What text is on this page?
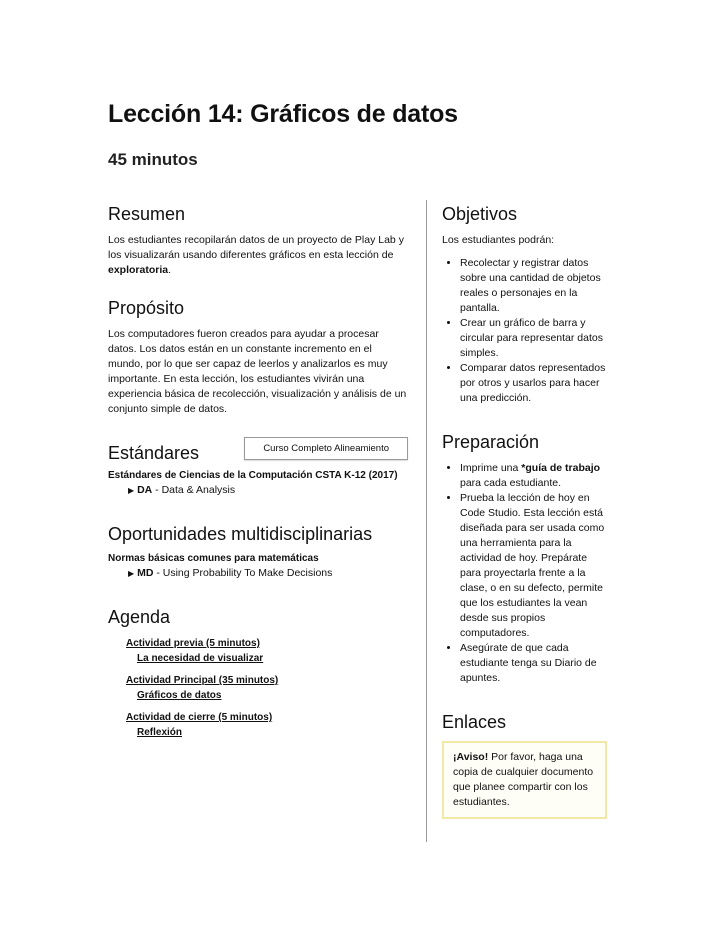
Lección 14: Gráficos de datos
45 minutos
Resumen

Los estudiantes recopilarán datos de un proyecto de Play Lab y los visualizarán usando diferentes gráficos en esta lección de exploratoria.

Propósito

Los computadores fueron creados para ayudar a procesar datos. Los datos están en un constante incremento en el mundo, por lo que ser capaz de leerlos y analizarlos es muy importante. En esta lección, los estudiantes vivirán una experiencia básica de recolección, visualización y análisis de un conjunto simple de datos.

Estándares	Curso Completo Alineamiento
Estándares de Ciencias de la Computación CSTA K-12 (2017)
▶ DA - Data & Analysis
Oportunidades multidisciplinarias
Normas básicas comunes para matemáticas
▶ MD - Using Probability To Make Decisions
Agenda
Actividad previa (5 minutos)
La necesidad de visualizar
Actividad Principal (35 minutos)
Gráficos de datos
Actividad de cierre (5 minutos)
Reflexión
Objetivos

Los estudiantes podrán:

• Recolectar y registrar datos sobre una cantidad de objetos reales o personajes en la pantalla.
• Crear un gráfico de barra y circular para representar datos simples.
• Comparar datos representados por otros y usarlos para hacer una predicción.
Preparación
• Imprime una *guía de trabajo para cada estudiante.
• Prueba la lección de hoy en Code Studio. Esta lección está diseñada para ser usada como una herramienta para la actividad de hoy. Prepárate para proyectarla frente a la clase, o en su defecto, permite que los estudiantes la vean desde sus propios computadores.
• Asegúrate de que cada estudiante tenga su Diario de apuntes.
Enlaces
¡Aviso! Por favor, haga una copia de cualquier documento que planee compartir con los estudiantes.
